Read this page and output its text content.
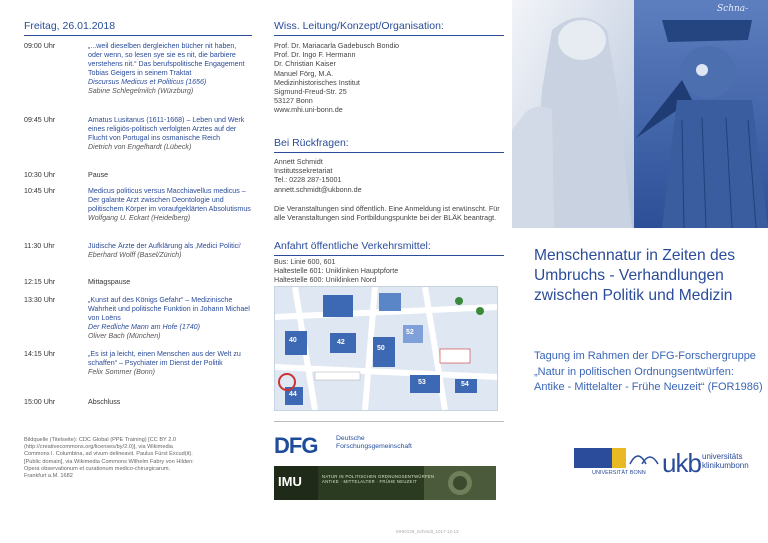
Freitag, 26.01.2018
09:00 Uhr	„...weil dieselben dergleichen bücher nit haben, oder wenn, so lesen sye sie es nit, die barbiere verstehens nit.“ Das berufspolitische Engagement Tobias Geigers in seinem Traktat
Discursus Medicus et Politicus (1656)
Sabine Schlegelmilch (Würzburg)
09:45 Uhr	Amatus Lusitanus (1611-1668) – Leben und Werk eines religiös-politisch verfolgten Arztes auf der Flucht von Portugal ins osmanische Reich
Dietrich von Engelhardt (Lübeck)
10:30 Uhr	Pause
10:45 Uhr	Medicus politicus versus Macchiavellus medicus – Der galante Arzt zwischen Deontologie und politischem Körper im voraufgeklärten Absolutismus
Wolfgang U. Eckart (Heidelberg)
11:30 Uhr	Jüdische Ärzte der Aufklärung als ‚Medici Politici‘
Eberhard Wolff (Basel/Zürich)
12:15 Uhr	Mittagspause
13:30 Uhr	„Kunst auf des Königs Gefahr“ – Medizinische Wahrheit und politische Funktion in Johann Michael von Loëns
Der Redliche Mann am Hofe (1740)
Oliver Bach (München)
14:15 Uhr	„Es ist ja leicht, einen Menschen aus der Welt zu schaffen“ – Psychiater im Dienst der Politik
Felix Sommer (Bonn)
15:00 Uhr	Abschluss
Bildquelle (Titelseite): CDC Global (PPE Training) [CC BY 2.0 (http://creativecommons.org/licenses/by/2.0)], via Wikimedia Commons I. Columbina, ad vivum delineavit. Paulus Fürst Excud(it). [Public domain], via Wikimedia Commons Wilhelm Fabry von Hilden: Opera observationum et curationum medico-chirurgicarum. Frankfurt a.M. 1682
Wiss. Leitung/Konzept/Organisation:
Prof. Dr. Mariacarla Gadebusch Bondio
Prof. Dr. Ingo F. Hermann
Dr. Christian Kaiser
Manuel Förg, M.A.
Medizinhistorisches Institut
Sigmund-Freud-Str. 25
53127 Bonn
www.mhi.uni-bonn.de
Bei Rückfragen:
Annett Schmidt
Institutssekretariat
Tel.: 0228 287-15001
annett.schmidt@ukbonn.de
Die Veranstaltungen sind öffentlich. Eine Anmeldung ist erwünscht. Für alle Veranstaltungen sind Fortbildungspunkte bei der BLÄK beantragt.
Anfahrt öffentliche Verkehrsmittel:
Bus: Linie 600, 601
Haltestelle 601: Uniklinken Hauptpforte
Haltestelle 600: Uniklinken Nord
40	42
50
44
53
52
54
DFG	Deutsche
Forschungsgemeinschaft
IMU	NATUR IN POLITISCHEN ORDNUNGSENTWÜRFEN
ANTIKE · MITTELALTER · FRÜHE NEUZEIT
MHI0128_Schmidt_1017-12-13
Schna-
Menschennatur in Zeiten des Umbruchs - Verhandlungen zwischen Politik und Medizin
Tagung im Rahmen der DFG-Forschergruppe „Natur in politischen Ordnungsentwürfen: Antike - Mittelalter - Frühe Neuzeit“ (FOR1986)
UNIVERSITÄT BONN ukb universitäts
klinikumbonn
